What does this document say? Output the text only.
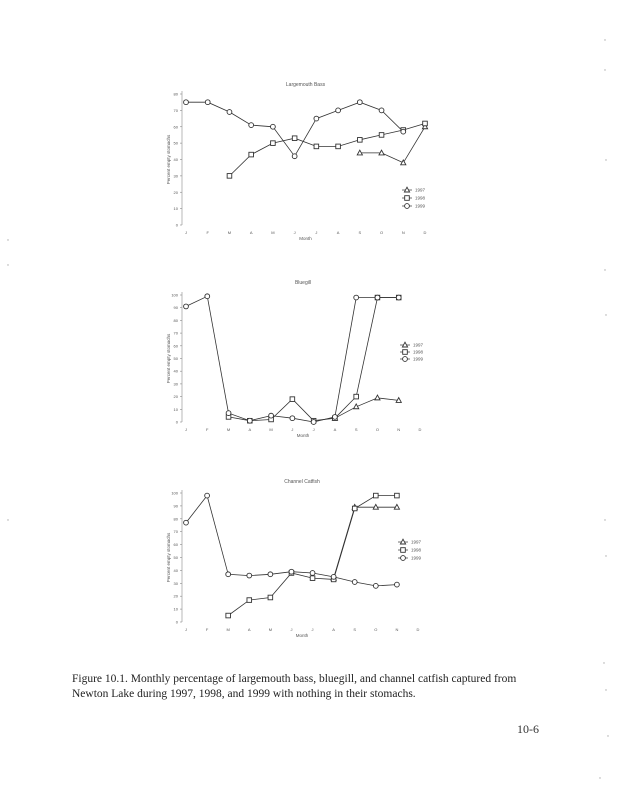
Largemouth Bass
0
10
20
30
40
50
60
70
80
Percent empty stomachs
J	F	M	A	M	J	J	A	S	O	N	D
Month
1997
1998
1999
Bluegill
0
10
20
30
40
50
60
70
80
90
100
Percent empty stomachs
J	F	M	A	M	J	J	A	S	O	N	D
Month
1997
1998
1999
Channel Catfish
0
10
20
30
40
50
60
70
80
90
100
Percent empty stomachs
J	F	M	A	M	J	J	A	S	O	N	D
Month
1997
1998
1999
Figure 10.1. Monthly percentage of largemouth bass, bluegill, and channel catfish captured from Newton Lake during 1997, 1998, and 1999 with nothing in their stomachs.
10-6
